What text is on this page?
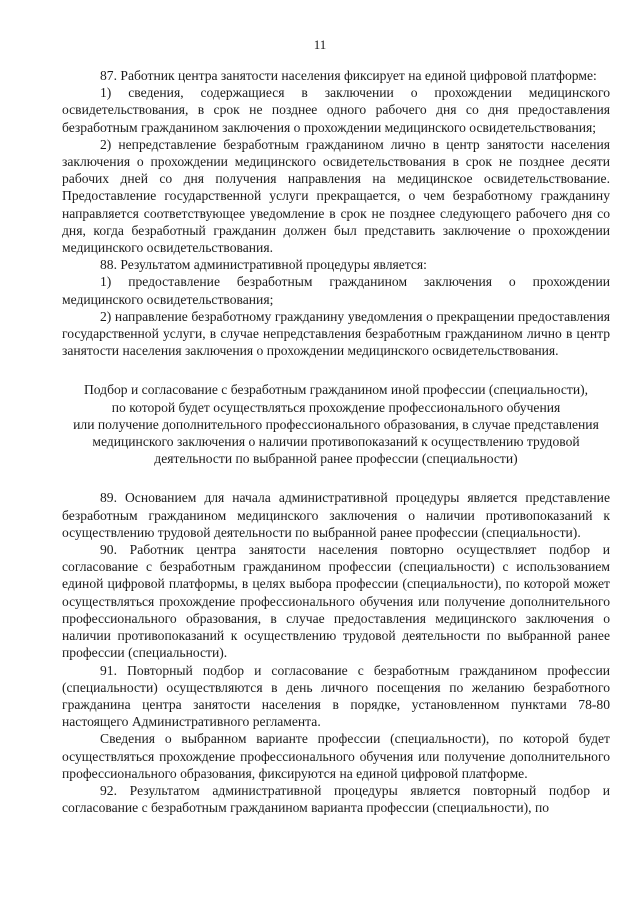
11

87. Работник центра занятости населения фиксирует на единой цифровой платформе:

1) сведения, содержащиеся в заключении о прохождении медицинского освидетельствования, в срок не позднее одного рабочего дня со дня предоставления безработным гражданином заключения о прохождении медицинского освидетельствования;

2) непредставление безработным гражданином лично в центр занятости населения заключения о прохождении медицинского освидетельствования в срок не позднее десяти рабочих дней со дня получения направления на медицинское освидетельствование. Предоставление государственной услуги прекращается, о чем безработному гражданину направляется соответствующее уведомление в срок не позднее следующего рабочего дня со дня, когда безработный гражданин должен был представить заключение о прохождении медицинского освидетельствования.

88. Результатом административной процедуры является:

1) предоставление безработным гражданином заключения о прохождении медицинского освидетельствования;

2) направление безработному гражданину уведомления о прекращении предоставления государственной услуги, в случае непредставления безработным гражданином лично в центр занятости населения заключения о прохождении медицинского освидетельствования.

Подбор и согласование с безработным гражданином иной профессии (специальности),

по которой будет осуществляться прохождение профессионального обучения

или получение дополнительного профессионального образования, в случае представления

медицинского заключения о наличии противопоказаний к осуществлению трудовой

деятельности по выбранной ранее профессии (специальности)

89. Основанием для начала административной процедуры является представление безработным гражданином медицинского заключения о наличии противопоказаний к осуществлению трудовой деятельности по выбранной ранее профессии (специальности).

90. Работник центра занятости населения повторно осуществляет подбор и согласование с безработным гражданином профессии (специальности) с использованием единой цифровой платформы, в целях выбора профессии (специальности), по которой может осуществляться прохождение профессионального обучения или получение дополнительного профессионального образования, в случае предоставления медицинского заключения о наличии противопоказаний к осуществлению трудовой деятельности по выбранной ранее профессии (специальности).

91. Повторный подбор и согласование с безработным гражданином профессии (специальности) осуществляются в день личного посещения по желанию безработного гражданина центра занятости населения в порядке, установленном пунктами 78-80 настоящего Административного регламента.

Сведения о выбранном варианте профессии (специальности), по которой будет осуществляться прохождение профессионального обучения или получение дополнительного профессионального образования, фиксируются на единой цифровой платформе.

92. Результатом административной процедуры является повторный подбор и согласование с безработным гражданином варианта профессии (специальности), по
